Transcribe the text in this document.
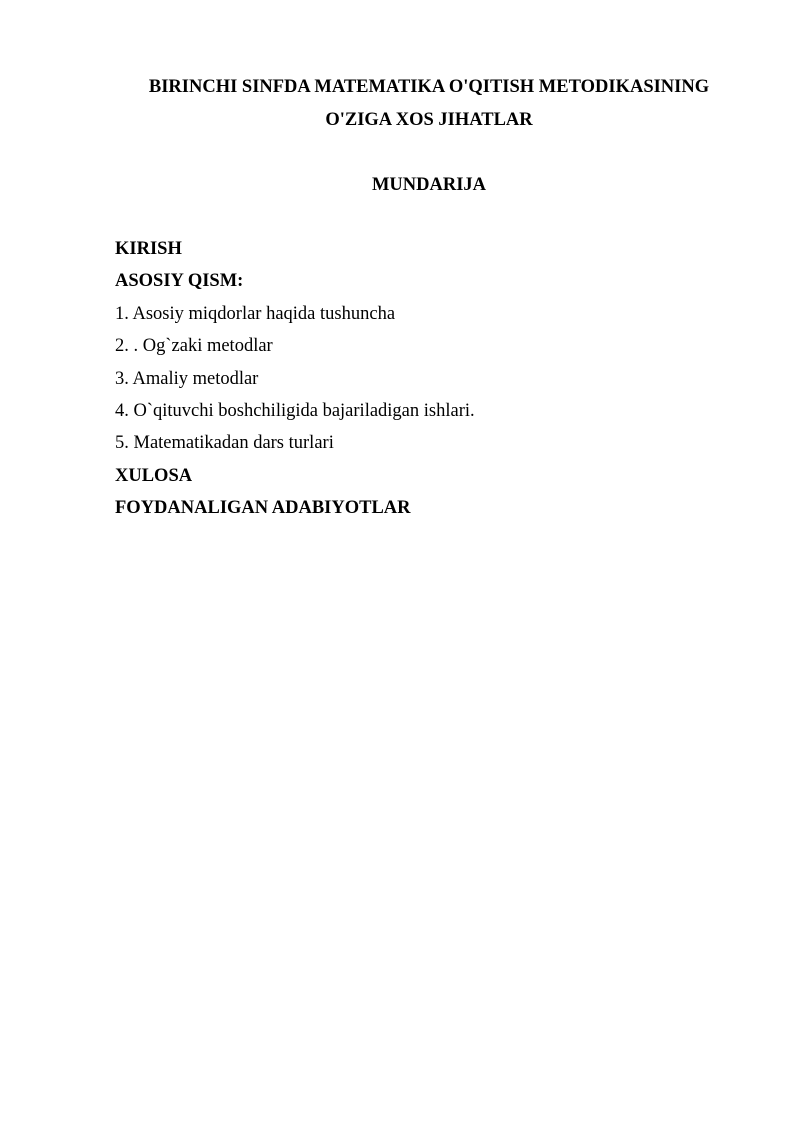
BIRINCHI SINFDA MATEMATIKA O'QITISH METODIKASINING
O'ZIGA XOS JIHATLAR
MUNDARIJA
KIRISH
ASOSIY QISM:
1. Asosiy miqdorlar haqida tushuncha
2. . Og`zaki metodlar
3. Amaliy metodlar
4. O`qituvchi boshchiligida bajariladigan ishlari.
5. Matematikadan dars turlari
XULOSA
FOYDANALIGAN ADABIYOTLAR
